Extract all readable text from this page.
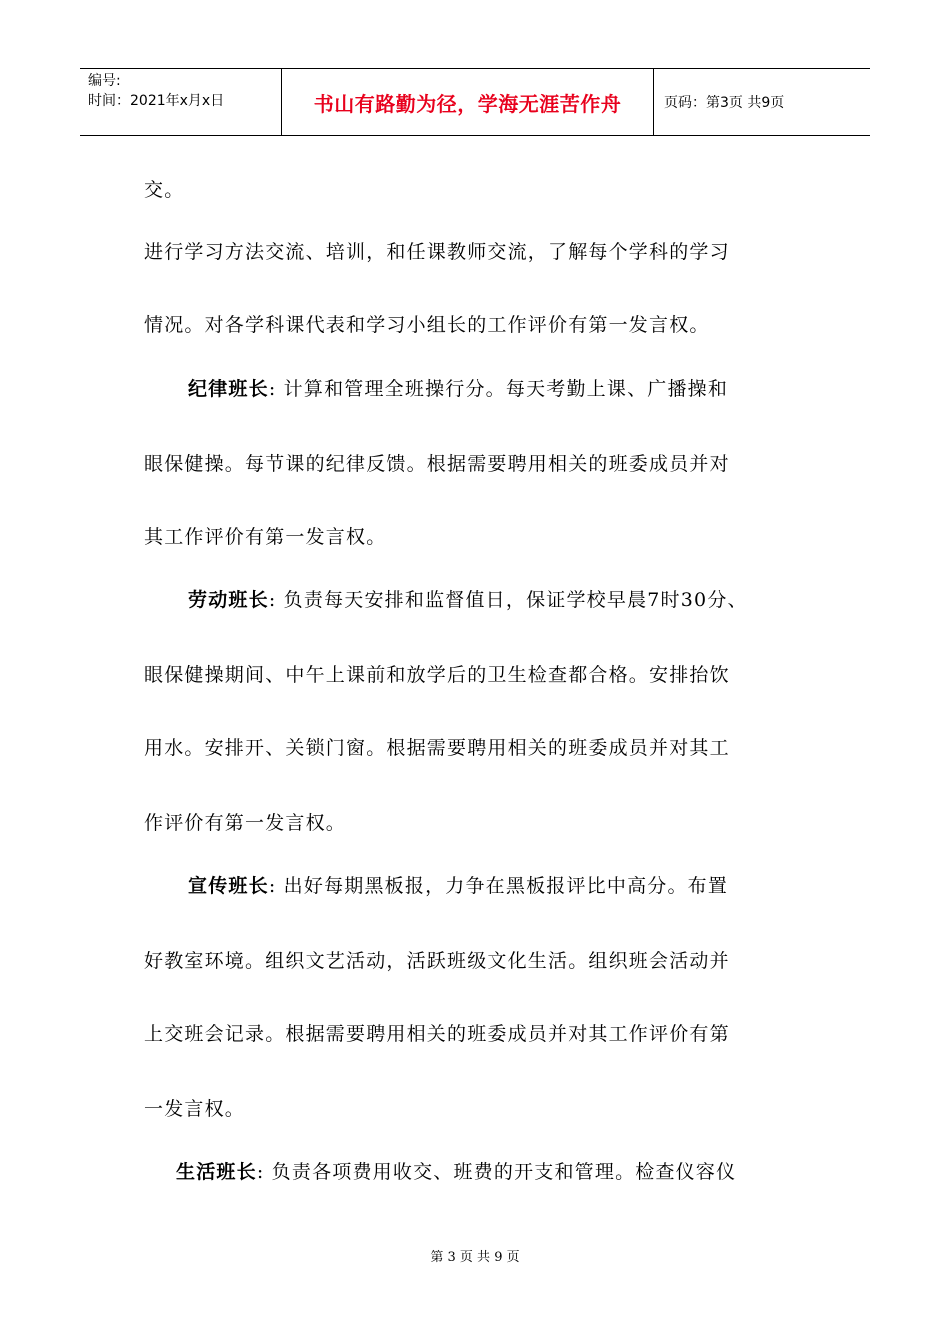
编号:
时间：2021年x月x日	书山有路勤为径，学海无涯苦作舟	页码：第3页 共9页
交。
进行学习方法交流、培训，和任课教师交流，了解每个学科的学习
情况。对各学科课代表和学习小组长的工作评价有第一发言权。
纪律班长: 计算和管理全班操行分。每天考勤上课、广播操和
眼保健操。每节课的纪律反馈。根据需要聘用相关的班委成员并对
其工作评价有第一发言权。
劳动班长: 负责每天安排和监督值日，保证学校早晨7时30分、
眼保健操期间、中午上课前和放学后的卫生检查都合格。安排抬饮
用水。安排开、关锁门窗。根据需要聘用相关的班委成员并对其工
作评价有第一发言权。
宣传班长: 出好每期黑板报，力争在黑板报评比中高分。布置
好教室环境。组织文艺活动，活跃班级文化生活。组织班会活动并
上交班会记录。根据需要聘用相关的班委成员并对其工作评价有第
一发言权。
生活班长: 负责各项费用收交、班费的开支和管理。检查仪容仪
第 3 页 共 9 页
